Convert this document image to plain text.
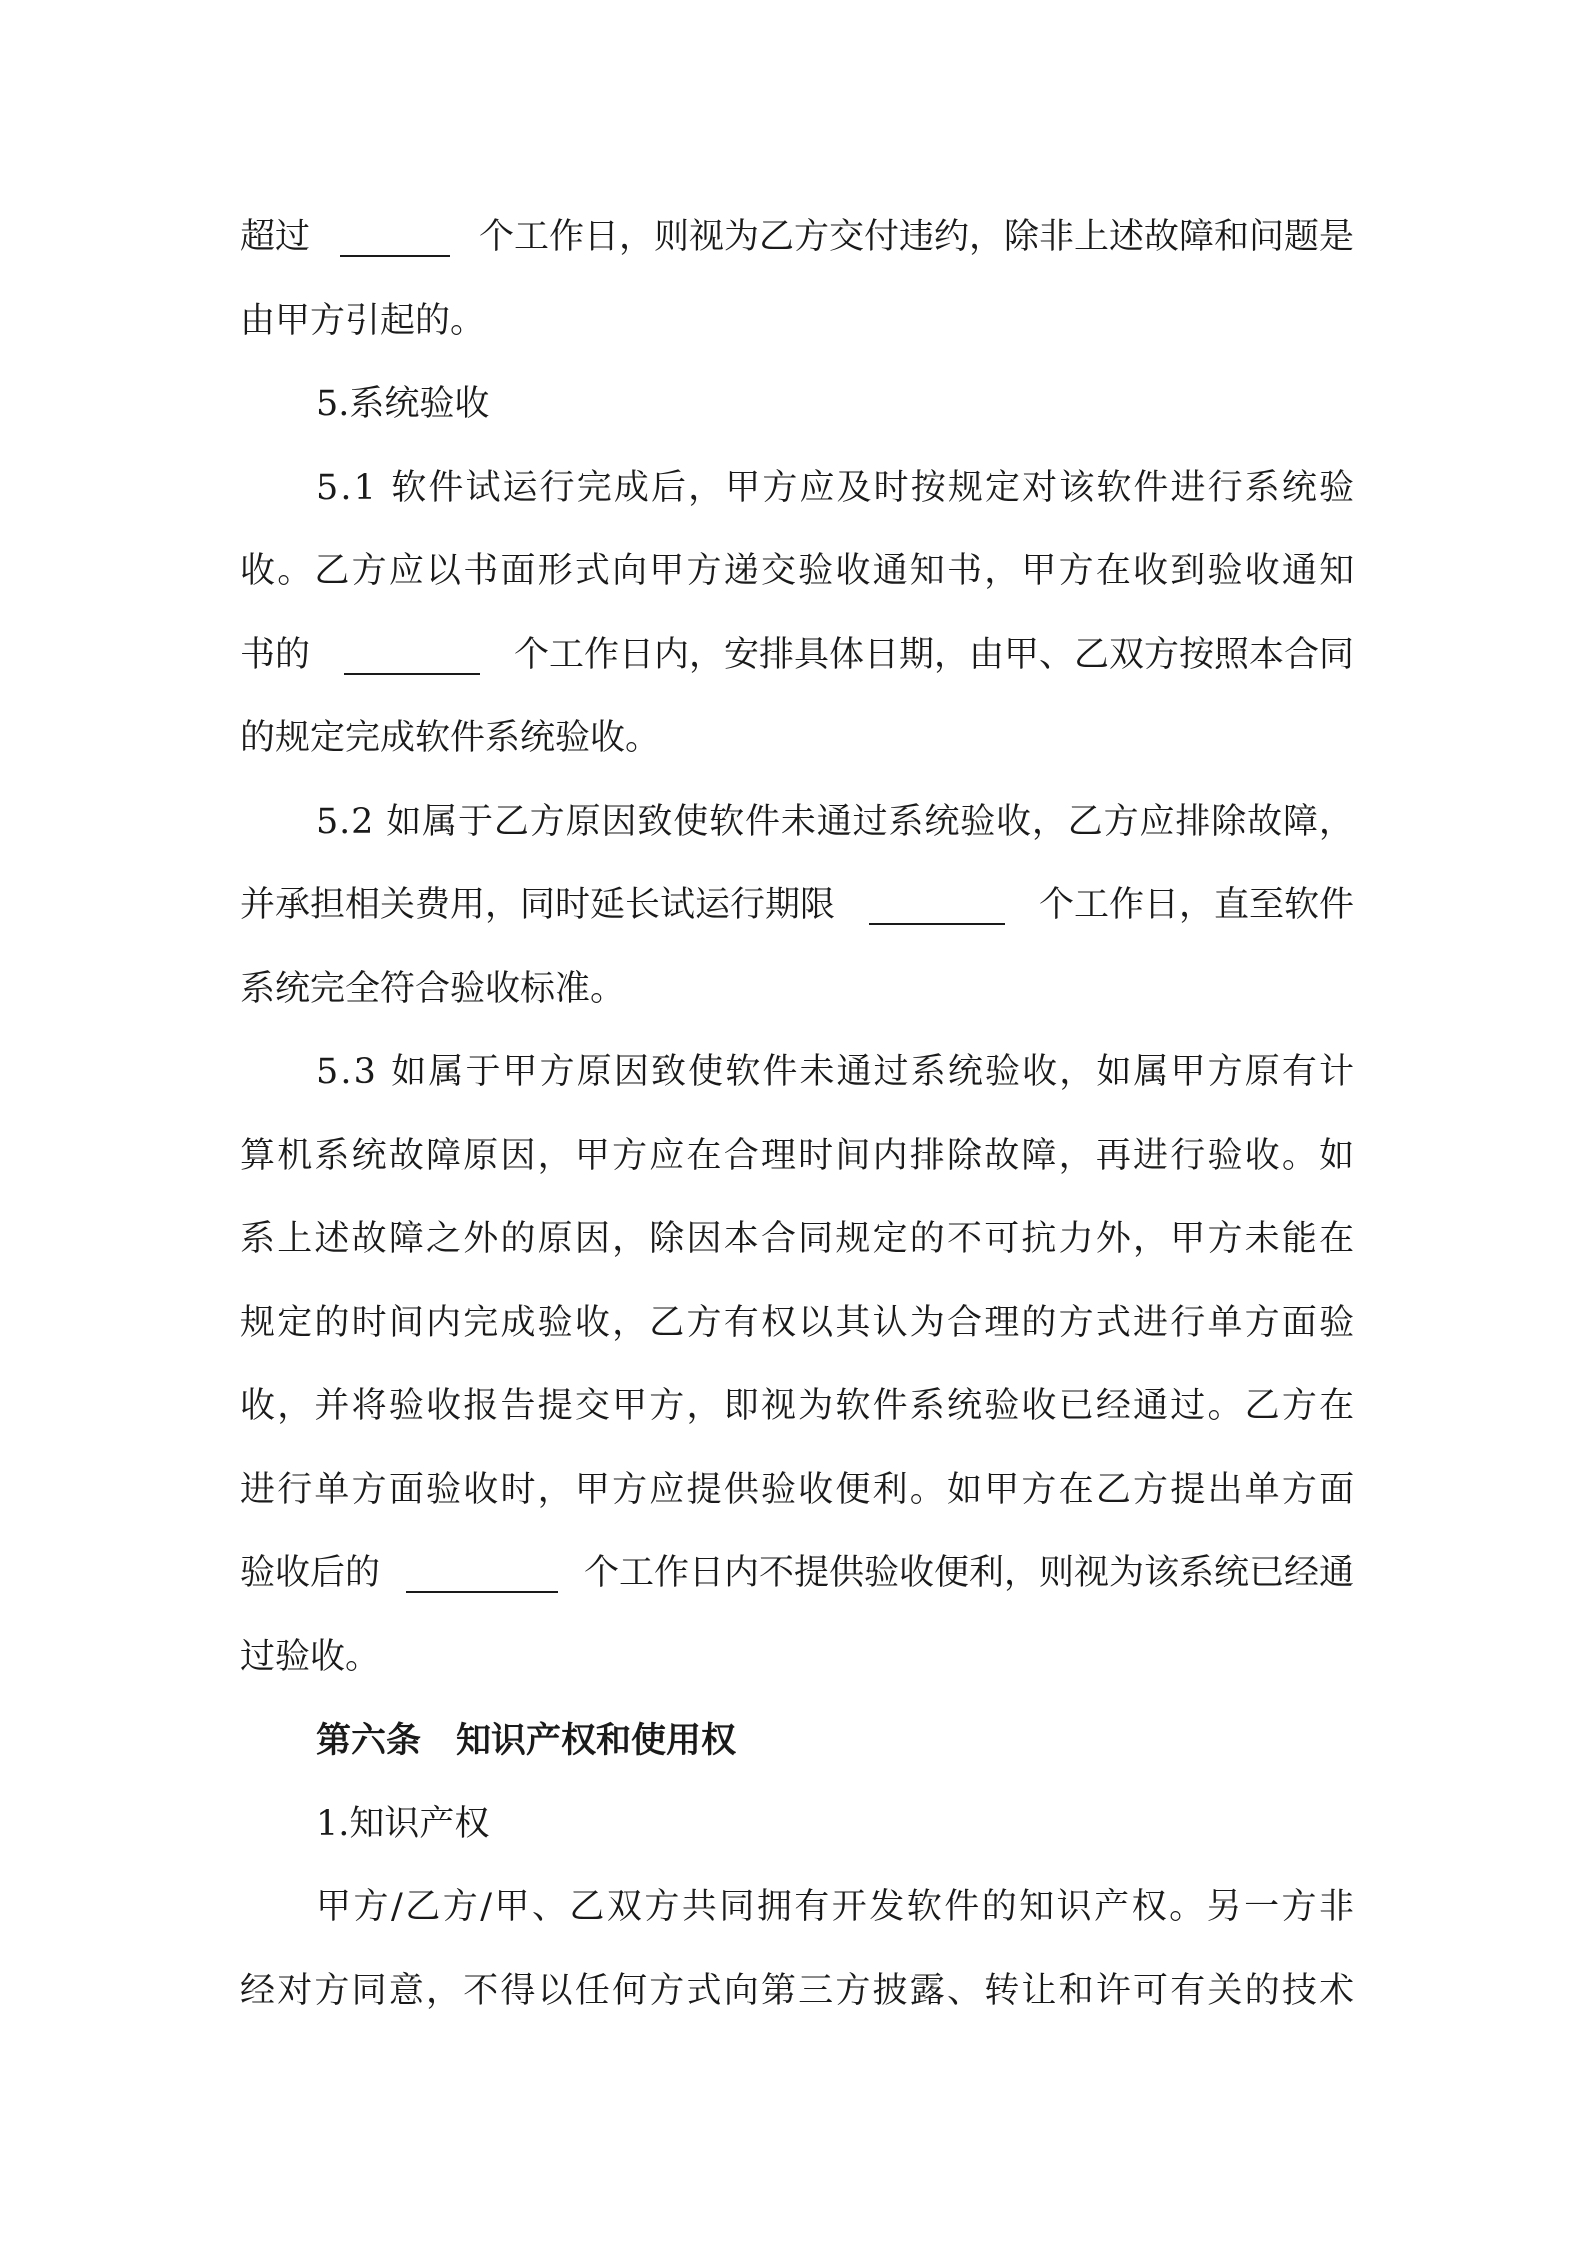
超过	个工作日，则视为乙方交付违约，除非上述故障和问题是
由甲方引起的。
5.系统验收
5.1 软件试运行完成后，甲方应及时按规定对该软件进行系统验
收。乙方应以书面形式向甲方递交验收通知书，甲方在收到验收通知
书的	个工作日内，安排具体日期，由甲、乙双方按照本合同
的规定完成软件系统验收。
5.2 如属于乙方原因致使软件未通过系统验收，乙方应排除故障，
并承担相关费用，同时延长试运行期限	个工作日，直至软件
系统完全符合验收标准。
5.3 如属于甲方原因致使软件未通过系统验收，如属甲方原有计
算机系统故障原因，甲方应在合理时间内排除故障，再进行验收。如
系上述故障之外的原因，除因本合同规定的不可抗力外，甲方未能在
规定的时间内完成验收，乙方有权以其认为合理的方式进行单方面验
收，并将验收报告提交甲方，即视为软件系统验收已经通过。乙方在
进行单方面验收时，甲方应提供验收便利。如甲方在乙方提出单方面
验收后的	个工作日内不提供验收便利，则视为该系统已经通
过验收。
第六条　知识产权和使用权
1.知识产权
甲方/乙方/甲、乙双方共同拥有开发软件的知识产权。另一方非
经对方同意，不得以任何方式向第三方披露、转让和许可有关的技术
